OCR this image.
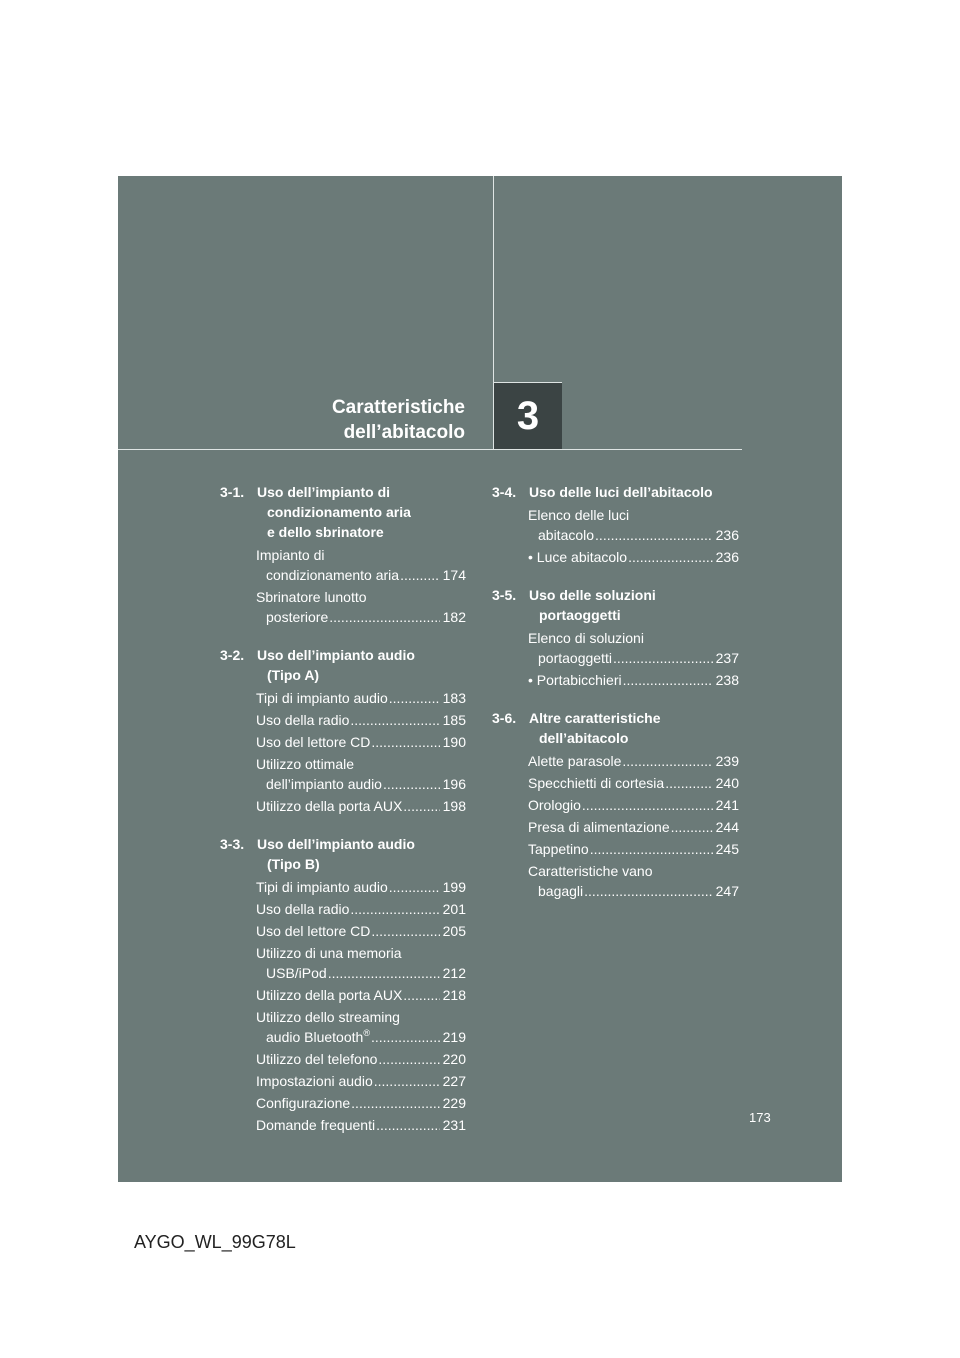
Caratteristiche
dell’abitacolo 3
3-1. Uso dell’impianto di
condizionamento aria
e dello sbrinatore
Impianto di
condizionamento aria .....	174
Sbrinatore lunotto
posteriore .....	182
3-2. Uso dell’impianto audio
(Tipo A)
Tipi di impianto audio .....	183
Uso della radio .....	185
Uso del lettore CD .....	190
Utilizzo ottimale
dell’impianto audio .....	196
Utilizzo della porta AUX .....	198
3-3. Uso dell’impianto audio
(Tipo B)
Tipi di impianto audio .....	199
Uso della radio .....	201
Uso del lettore CD .....	205
Utilizzo di una memoria
USB/iPod .....	212
Utilizzo della porta AUX .....	218
Utilizzo dello streaming
audio Bluetooth® .....	219
Utilizzo del telefono .....	220
Impostazioni audio .....	227
Configurazione .....	229
Domande frequenti .....	231
3-4. Uso delle luci dell’abitacolo
Elenco delle luci
abitacolo .....	236
• Luce abitacolo .....	236
3-5. Uso delle soluzioni
portaoggetti
Elenco di soluzioni
portaoggetti .....	237
• Portabicchieri .....	238
3-6. Altre caratteristiche
dell’abitacolo
Alette parasole .....	239
Specchietti di cortesia .....	240
Orologio .....	241
Presa di alimentazione .....	244
Tappetino .....	245
Caratteristiche vano
bagagli .....	247
173
AYGO_WL_99G78L
